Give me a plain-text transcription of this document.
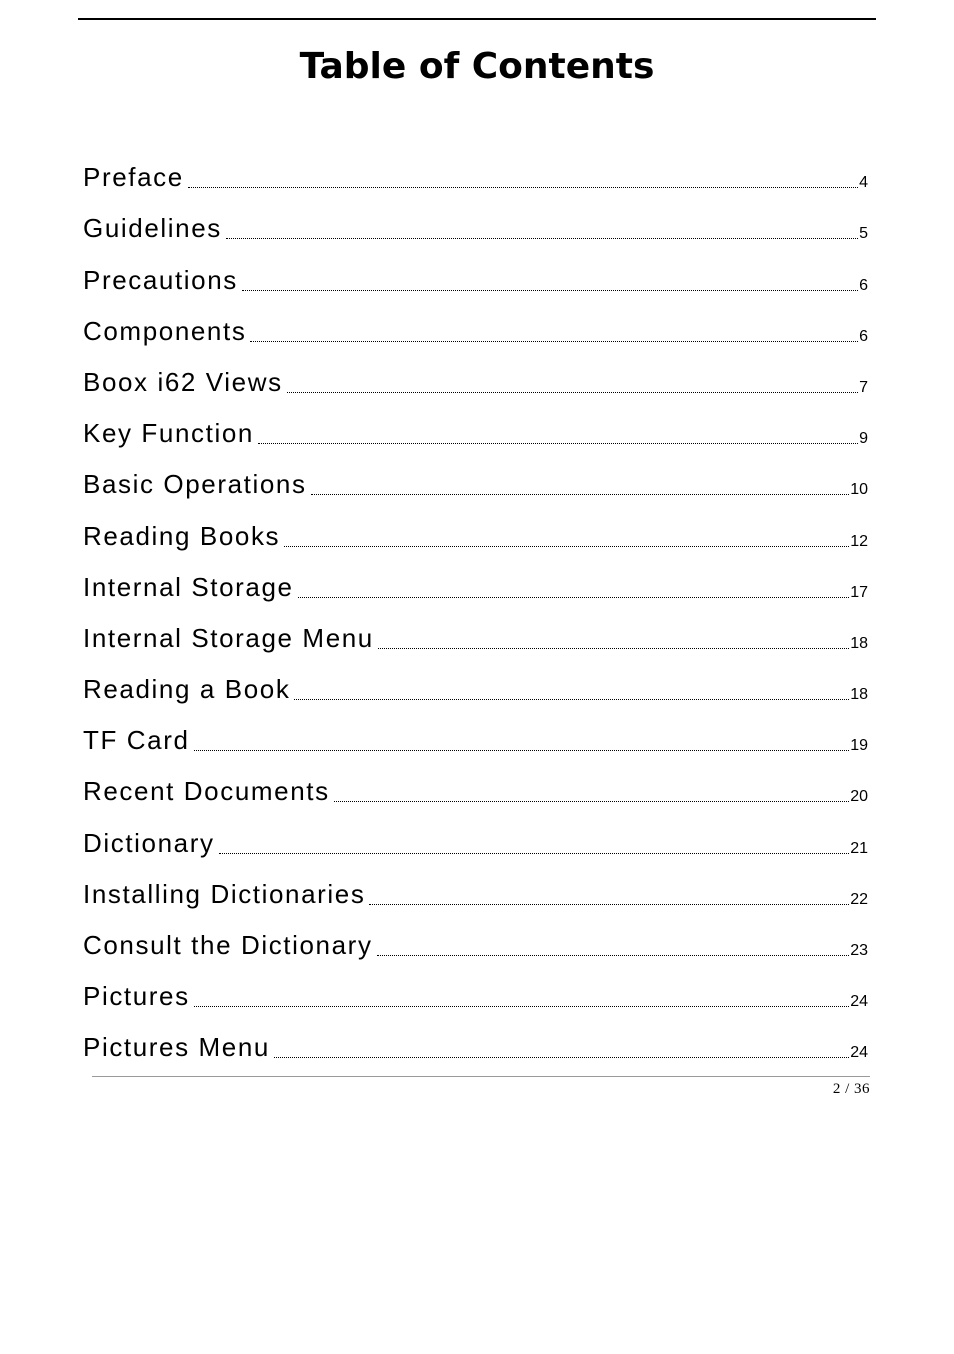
Table of Contents
Preface	4
Guidelines	5
Precautions	6
Components	6
Boox i62 Views	7
Key Function	9
Basic Operations	10
Reading Books	12
Internal Storage	17
Internal Storage Menu	18
Reading a Book	18
TF Card	19
Recent Documents	20
Dictionary	21
Installing Dictionaries	22
Consult the Dictionary	23
Pictures	24
Pictures Menu	24
2 / 36
